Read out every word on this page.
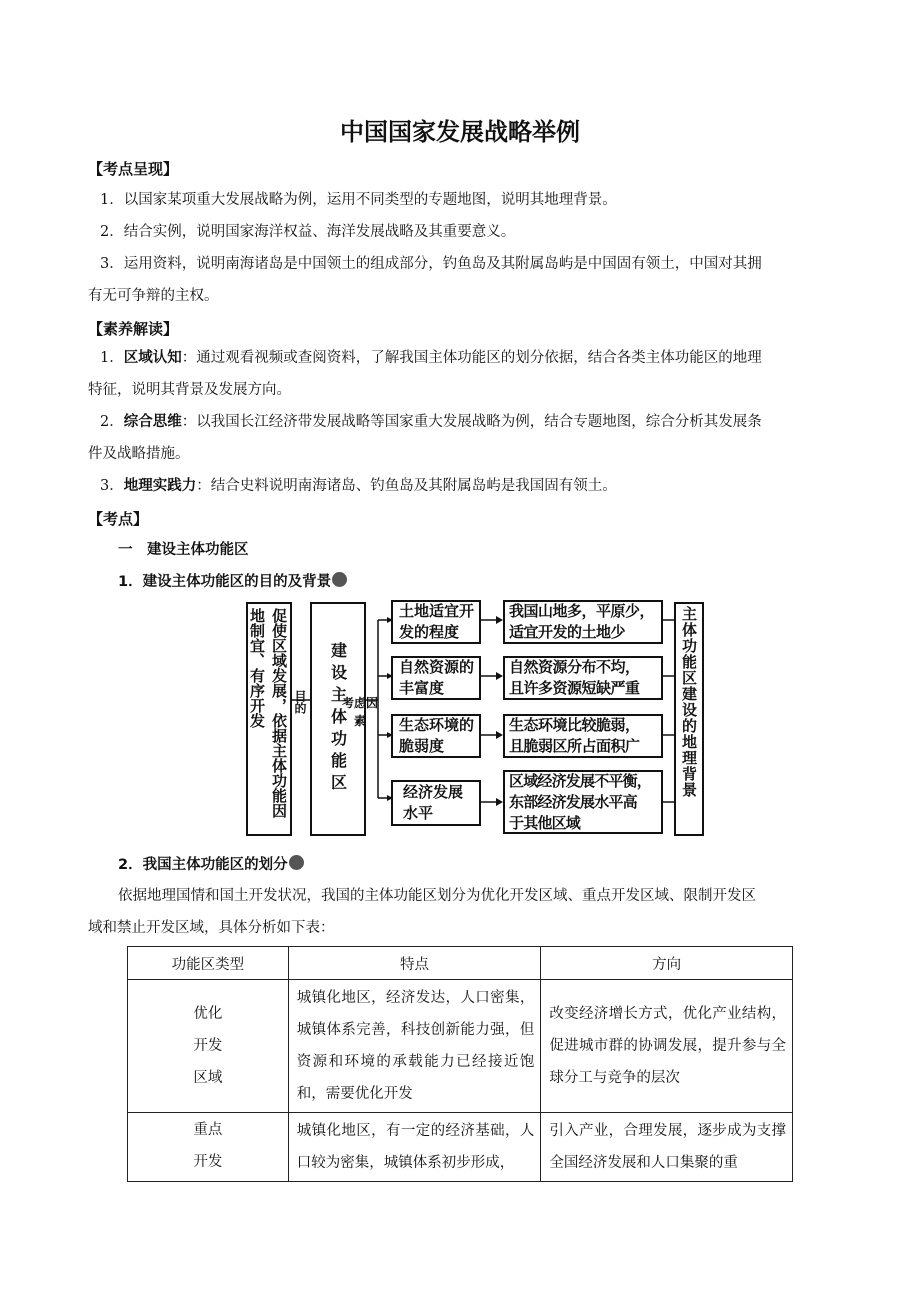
中国国家发展战略举例
【考点呈现】
1．以国家某项重大发展战略为例，运用不同类型的专题地图，说明其地理背景。
2．结合实例，说明国家海洋权益、海洋发展战略及其重要意义。
3．运用资料，说明南海诸岛是中国领土的组成部分，钓鱼岛及其附属岛屿是中国固有领土，中国对其拥
有无可争辩的主权。
【素养解读】
1．区域认知：通过观看视频或查阅资料，了解我国主体功能区的划分依据，结合各类主体功能区的地理
特征，说明其背景及发展方向。
2．综合思维：以我国长江经济带发展战略等国家重大发展战略为例，结合专题地图，综合分析其发展条
件及战略措施。
3．地理实践力：结合史料说明南海诸岛、钓鱼岛及其附属岛屿是我国固有领土。
【考点】
一　建设主体功能区
1．建设主体功能区的目的及背景
促使区域发展，依据主体功能因地制宜、有序开发	目的 建设主体功能区
考虑因素
土地适宜开
发的程度
自然资源的
丰富度
生态环境的
脆弱度
经济发展
水平
我国山地多，平原少，
适宜开发的土地少
自然资源分布不均，
且许多资源短缺严重
生态环境比较脆弱，
且脆弱区所占面积广
区域经济发展不平衡，
东部经济发展水平高
于其他区域
主体功能区建设的地理背景
2．我国主体功能区的划分
依据地理国情和国土开发状况，我国的主体功能区划分为优化开发区域、重点开发区域、限制开发区
域和禁止开发区域，具体分析如下表：
功能区类型	特点	方向

优化
开发
区域	城镇化地区，经济发达，人口密集，城镇体系完善，科技创新能力强，但资源和环境的承载能力已经接近饱和，需要优化开发	改变经济增长方式，优化产业结构，促进城市群的协调发展，提升参与全球分工与竞争的层次

重点
开发	城镇化地区，有一定的经济基础，人口较为密集，城镇体系初步形成，	引入产业，合理发展，逐步成为支撑全国经济发展和人口集聚的重
